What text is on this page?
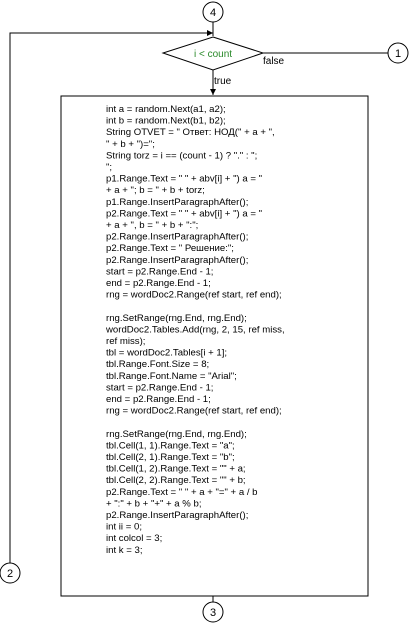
4
i < count
false
1
true
int a = random.Next(a1, a2);
int b = random.Next(b1, b2);
String OTVET = " Ответ: НОД(" + a + ",
" + b + ")=";
String torz = i == (count - 1) ? "." : ";
";
p1.Range.Text = " " + abv[i] + ") a = "
+ a + "; b = " + b + torz;
p1.Range.InsertParagraphAfter();
p2.Range.Text = " " + abv[i] + ") a = "
+ a + ", b = " + b + ":";
p2.Range.InsertParagraphAfter();
p2.Range.Text = " Решение:";
p2.Range.InsertParagraphAfter();
start = p2.Range.End - 1;
end = p2.Range.End - 1;
rng = wordDoc2.Range(ref start, ref end);
rng.SetRange(rng.End, rng.End);
wordDoc2.Tables.Add(rng, 2, 15, ref miss,
ref miss);
tbl = wordDoc2.Tables[i + 1];
tbl.Range.Font.Size = 8;
tbl.Range.Font.Name = "Arial";
start = p2.Range.End - 1;
end = p2.Range.End - 1;
rng = wordDoc2.Range(ref start, ref end);
rng.SetRange(rng.End, rng.End);
tbl.Cell(1, 1).Range.Text = "a";
tbl.Cell(2, 1).Range.Text = "b";
tbl.Cell(1, 2).Range.Text = "" + a;
tbl.Cell(2, 2).Range.Text = "" + b;
p2.Range.Text = " " + a + "=" + a / b
+ ":" + b + "+" + a % b;
p2.Range.InsertParagraphAfter();
int ii = 0;
int colcol = 3;
int k = 3;
3
2
